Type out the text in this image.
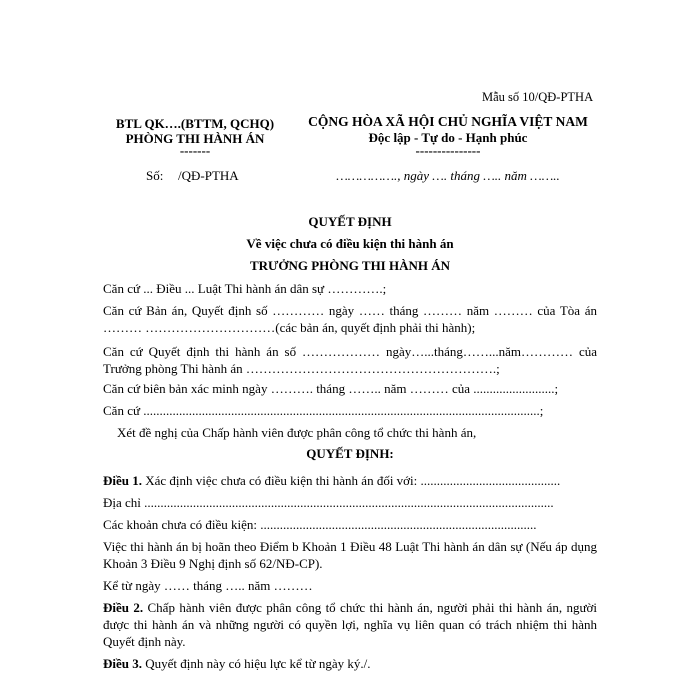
Mẫu số 10/QĐ-PTHA
BTL QK….(BTTM, QCHQ)
PHÒNG THI HÀNH ÁN
-------
Số: /QĐ-PTHA
CỘNG HÒA XÃ HỘI CHỦ NGHĨA VIỆT NAM
Độc lập - Tự do - Hạnh phúc
---------------
……………., ngày …. tháng ….. năm ……..
QUYẾT ĐỊNH
Về việc chưa có điều kiện thi hành án
TRƯỞNG PHÒNG THI HÀNH ÁN
Căn cứ ... Điều ... Luật Thi hành án dân sự ………….;
Căn cứ Bản án, Quyết định số ………… ngày …… tháng ……… năm ……… của Tòa án ……… …………………………(các bản án, quyết định phải thi hành);
Căn cứ Quyết định thi hành án số ……………… ngày…...tháng……...năm………… của Trưởng phòng Thi hành án ………………………………………………….;
Căn cứ biên bản xác minh ngày ………. tháng …….. năm ……… của .........................;
Căn cứ ..........................................................................................................................;
Xét đề nghị của Chấp hành viên được phân công tổ chức thi hành án,
QUYẾT ĐỊNH:
Điều 1. Xác định việc chưa có điều kiện thi hành án đối với: ...........................................
Địa chỉ ..............................................................................................................................
Các khoản chưa có điều kiện: .....................................................................................
Việc thi hành án bị hoãn theo Điểm b Khoản 1 Điều 48 Luật Thi hành án dân sự (Nếu áp dụng Khoản 3 Điều 9 Nghị định số 62/NĐ-CP).
Kể từ ngày …… tháng ….. năm ………
Điều 2. Chấp hành viên được phân công tổ chức thi hành án, người phải thi hành án, người được thi hành án và những người có quyền lợi, nghĩa vụ liên quan có trách nhiệm thi hành Quyết định này.
Điều 3. Quyết định này có hiệu lực kể từ ngày ký./.
